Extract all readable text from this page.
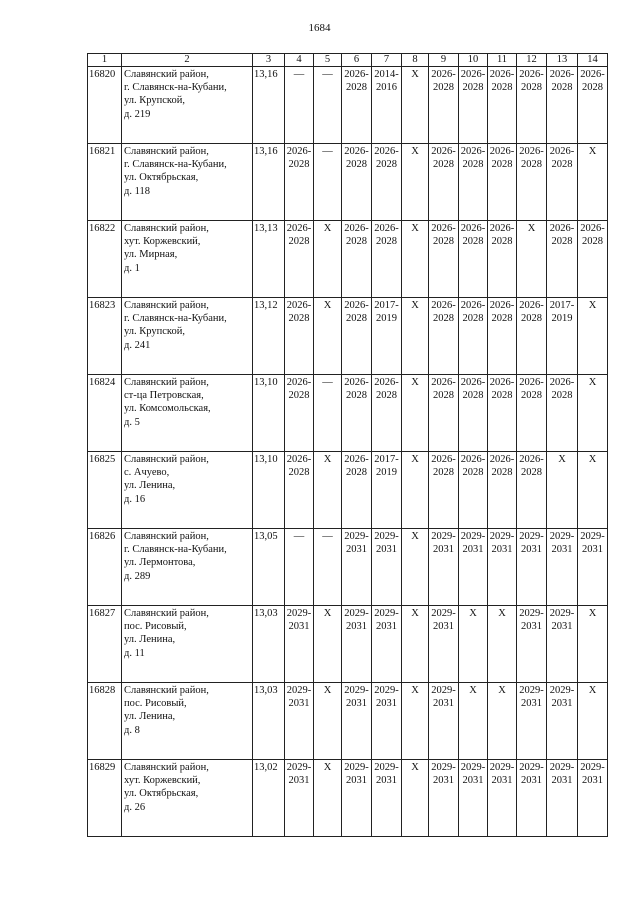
1684
1	2	3	4	5	6	7	8	9	10	11	12	13	14
16820	Славянский район,
г. Славянск-на-Кубани,
ул. Крупской,
д. 219	13,16	—	—	2026-
2028	2014-
2016	X	2026-
2028	2026-
2028	2026-
2028	2026-
2028	2026-
2028	2026-
2028

16821	Славянский район,
г. Славянск-на-Кубани,
ул. Октябрьская,
д. 118	13,16	2026-
2028	—	2026-
2028	2026-
2028	X	2026-
2028	2026-
2028	2026-
2028	2026-
2028	2026-
2028	X

16822	Славянский район,
хут. Коржевский,
ул. Мирная,
д. 1	13,13	2026-
2028	X	2026-
2028	2026-
2028	X	2026-
2028	2026-
2028	2026-
2028	X	2026-
2028	2026-
2028

16823	Славянский район,
г. Славянск-на-Кубани,
ул. Крупской,
д. 241	13,12	2026-
2028	X	2026-
2028	2017-
2019	X	2026-
2028	2026-
2028	2026-
2028	2026-
2028	2017-
2019	X

16824	Славянский район,
ст-ца Петровская,
ул. Комсомольская,
д. 5	13,10	2026-
2028	—	2026-
2028	2026-
2028	X	2026-
2028	2026-
2028	2026-
2028	2026-
2028	2026-
2028	X

16825	Славянский район,
с. Ачуево,
ул. Ленина,
д. 16	13,10	2026-
2028	X	2026-
2028	2017-
2019	X	2026-
2028	2026-
2028	2026-
2028	2026-
2028	X	X

16826	Славянский район,
г. Славянск-на-Кубани,
ул. Лермонтова,
д. 289	13,05	—	—	2029-
2031	2029-
2031	X	2029-
2031	2029-
2031	2029-
2031	2029-
2031	2029-
2031	2029-
2031

16827	Славянский район,
пос. Рисовый,
ул. Ленина,
д. 11	13,03	2029-
2031	X	2029-
2031	2029-
2031	X	2029-
2031	X	X	2029-
2031	2029-
2031	X

16828	Славянский район,
пос. Рисовый,
ул. Ленина,
д. 8	13,03	2029-
2031	X	2029-
2031	2029-
2031	X	2029-
2031	X	X	2029-
2031	2029-
2031	X

16829	Славянский район,
хут. Коржевский,
ул. Октябрьская,
д. 26	13,02	2029-
2031	X	2029-
2031	2029-
2031	X	2029-
2031	2029-
2031	2029-
2031	2029-
2031	2029-
2031	2029-
2031
